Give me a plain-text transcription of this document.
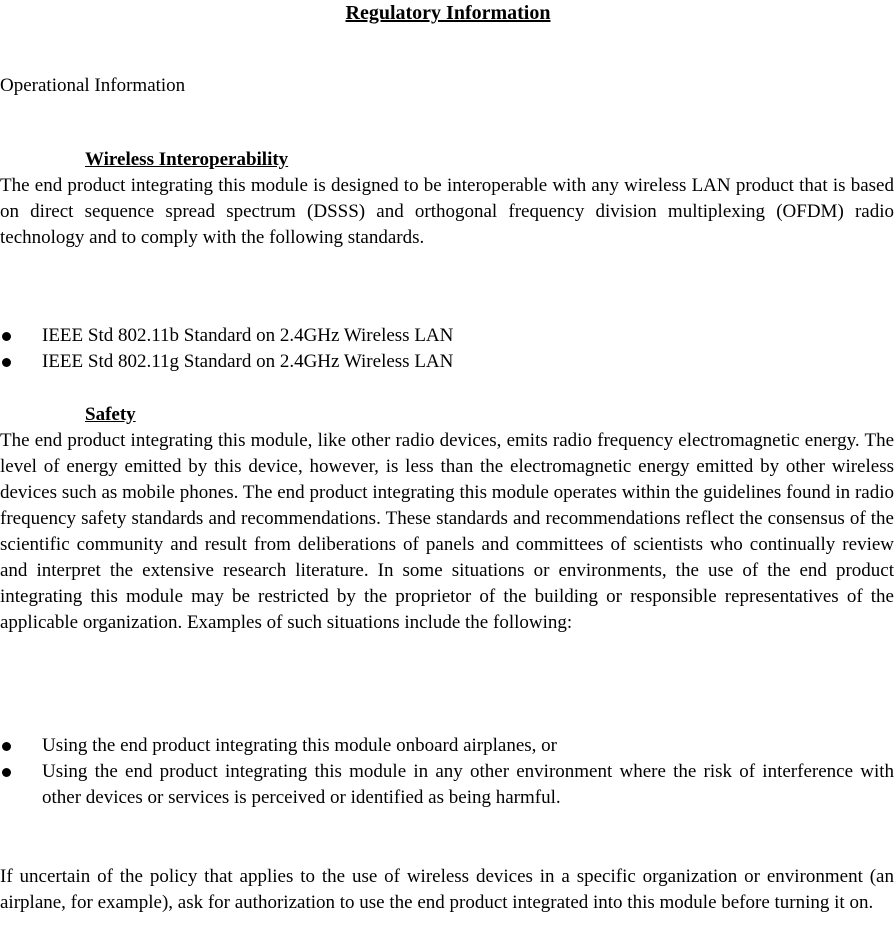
Regulatory Information
Operational Information
Wireless Interoperability

The end product integrating this module is designed to be interoperable with any wireless LAN product that is based on direct sequence spread spectrum (DSSS) and orthogonal frequency division multiplexing (OFDM) radio technology and to comply with the following standards.

IEEE Std 802.11b Standard on 2.4GHz Wireless LAN
IEEE Std 802.11g Standard on 2.4GHz Wireless LAN
Safety

The end product integrating this module, like other radio devices, emits radio frequency electromagnetic energy. The level of energy emitted by this device, however, is less than the electromagnetic energy emitted by other wireless devices such as mobile phones. The end product integrating this module operates within the guidelines found in radio frequency safety standards and recommendations. These standards and recommendations reflect the consensus of the scientific community and result from deliberations of panels and committees of scientists who continually review and interpret the extensive research literature. In some situations or environments, the use of the end product integrating this module may be restricted by the proprietor of the building or responsible representatives of the applicable organization. Examples of such situations include the following:

Using the end product integrating this module onboard airplanes, or
Using the end product integrating this module in any other environment where the risk of interference with other devices or services is perceived or identified as being harmful.

If uncertain of the policy that applies to the use of wireless devices in a specific organization or environment (an airplane, for example), ask for authorization to use the end product integrated into this module before turning it on.
